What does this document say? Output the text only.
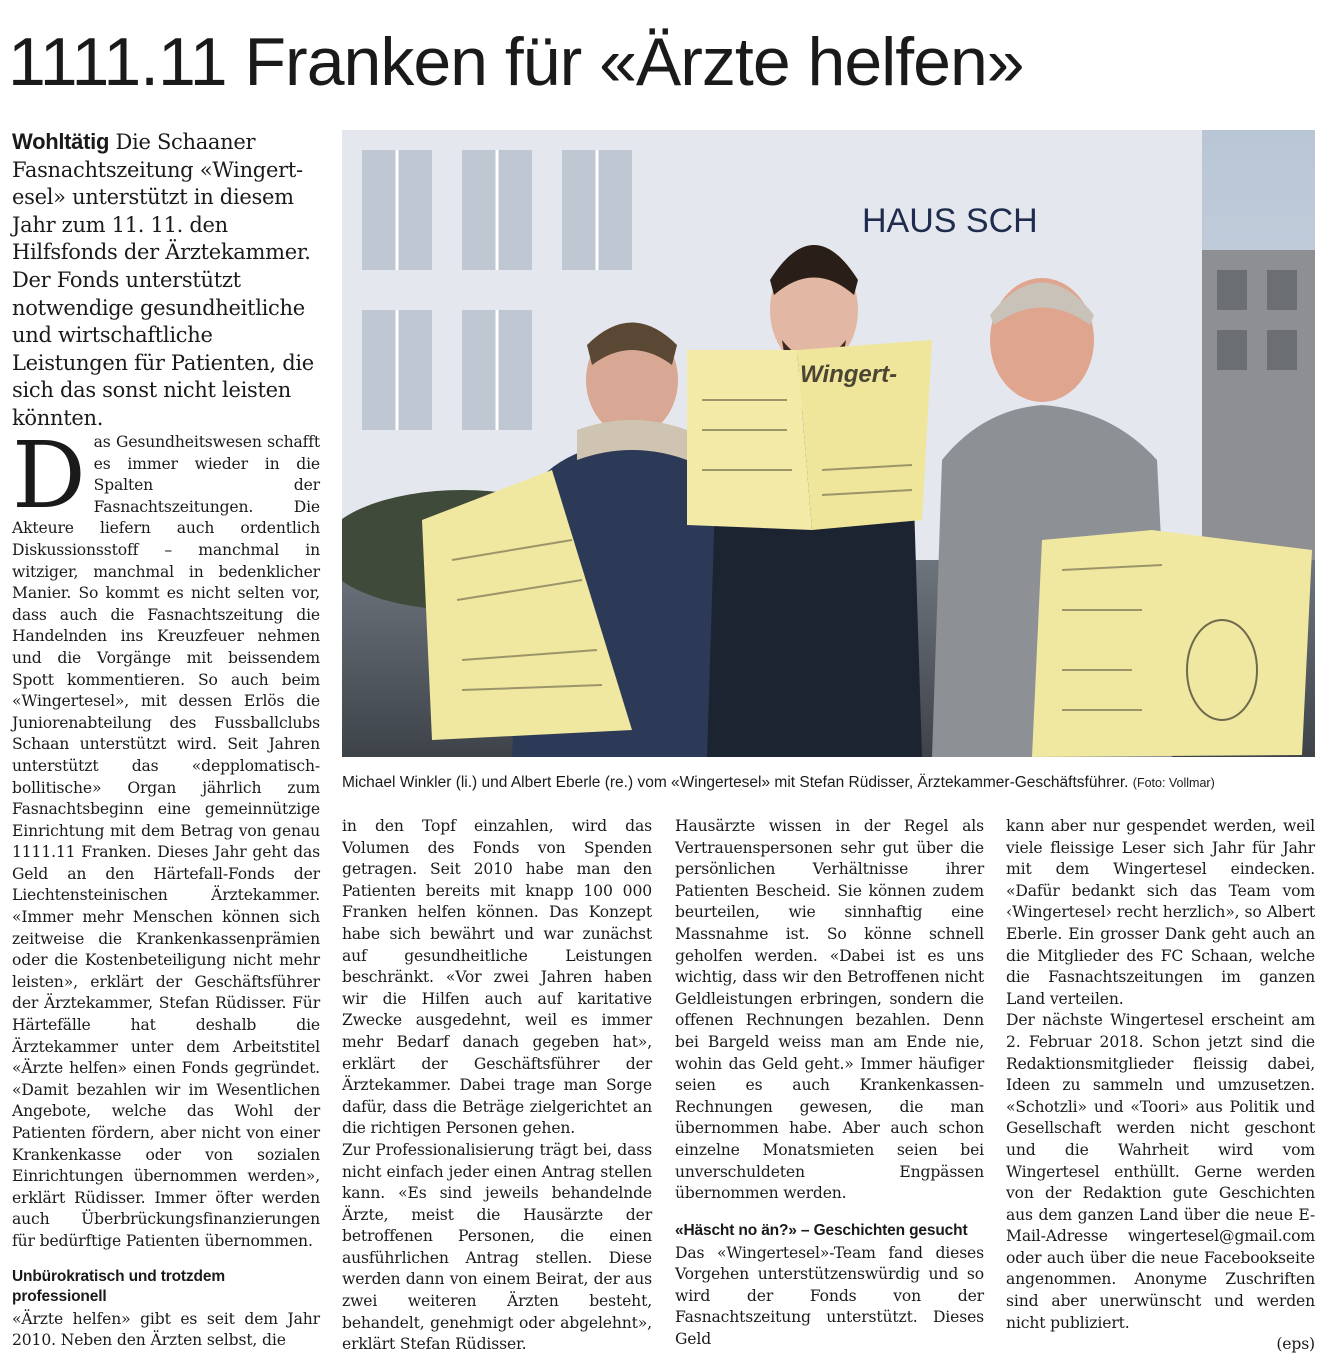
1111.11 Franken für «Ärzte helfen»

Wohltätig Die Schaaner Fasnachtszeitung «Wingert-esel» unterstützt in diesem Jahr zum 11. 11. den Hilfsfonds der Ärztekammer. Der Fonds unterstützt notwendige gesundheitliche und wirtschaftliche Leistungen für Patienten, die sich das sonst nicht leisten könnten.

HAUS SCH
Wingert-

Michael Winkler (li.) und Albert Eberle (re.) vom «Wingertesel» mit Stefan Rüdisser, Ärztekammer-Geschäftsführer. (Foto: Vollmar)

Das Gesundheitswesen schafft es immer wieder in die Spalten der Fasnachtszeitungen. Die Akteure liefern auch ordentlich Diskussionsstoff – manchmal in witziger, manchmal in bedenklicher Manier. So kommt es nicht selten vor, dass auch die Fasnachtszeitung die Handelnden ins Kreuzfeuer nehmen und die Vorgänge mit beissendem Spott kommentieren. So auch beim «Wingertesel», mit dessen Erlös die Juniorenabteilung des Fussballclubs Schaan unterstützt wird. Seit Jahren unterstützt das «depplomatisch-bollitische» Organ jährlich zum Fasnachtsbeginn eine gemeinnützige Einrichtung mit dem Betrag von genau 1111.11 Franken. Dieses Jahr geht das Geld an den Härtefall-Fonds der Liechtensteinischen Ärztekammer. «Immer mehr Menschen können sich zeitweise die Krankenkassenprämien oder die Kostenbeteiligung nicht mehr leisten», erklärt der Geschäftsführer der Ärztekammer, Stefan Rüdisser. Für Härtefälle hat deshalb die Ärztekammer unter dem Arbeitstitel «Ärzte helfen» einen Fonds gegründet. «Damit bezahlen wir im Wesentlichen Angebote, welche das Wohl der Patienten fördern, aber nicht von einer Krankenkasse oder von sozialen Einrichtungen übernommen werden», erklärt Rüdisser. Immer öfter werden auch Überbrückungsfinanzierungen für bedürftige Patienten übernommen.

Unbürokratisch und trotzdem professionell

«Ärzte helfen» gibt es seit dem Jahr 2010. Neben den Ärzten selbst, die

in den Topf einzahlen, wird das Volumen des Fonds von Spenden getragen. Seit 2010 habe man den Patienten bereits mit knapp 100 000 Franken helfen können. Das Konzept habe sich bewährt und war zunächst auf gesundheitliche Leistungen beschränkt. «Vor zwei Jahren haben wir die Hilfen auch auf karitative Zwecke ausgedehnt, weil es immer mehr Bedarf danach gegeben hat», erklärt der Geschäftsführer der Ärztekammer. Dabei trage man Sorge dafür, dass die Beträge zielgerichtet an die richtigen Personen gehen.

Zur Professionalisierung trägt bei, dass nicht einfach jeder einen Antrag stellen kann. «Es sind jeweils behandelnde Ärzte, meist die Hausärzte der betroffenen Personen, die einen ausführlichen Antrag stellen. Diese werden dann von einem Beirat, der aus zwei weiteren Ärzten besteht, behandelt, genehmigt oder abgelehnt», erklärt Stefan Rüdisser.

Hausärzte wissen in der Regel als Vertrauenspersonen sehr gut über die persönlichen Verhältnisse ihrer Patienten Bescheid. Sie können zudem beurteilen, wie sinnhaftig eine Massnahme ist. So könne schnell geholfen werden. «Dabei ist es uns wichtig, dass wir den Betroffenen nicht Geldleistungen erbringen, sondern die offenen Rechnungen bezahlen. Denn bei Bargeld weiss man am Ende nie, wohin das Geld geht.» Immer häufiger seien es auch Krankenkassen-Rechnungen gewesen, die man übernommen habe. Aber auch schon einzelne Monatsmieten seien bei unverschuldeten Engpässen übernommen werden.

«Häscht no än?» – Geschichten gesucht

Das «Wingertesel»-Team fand dieses Vorgehen unterstützenswürdig und so wird der Fonds von der Fasnachtszeitung unterstützt. Dieses Geld

kann aber nur gespendet werden, weil viele fleissige Leser sich Jahr für Jahr mit dem Wingertesel eindecken. «Dafür bedankt sich das Team vom ‹Wingertesel› recht herzlich», so Albert Eberle. Ein grosser Dank geht auch an die Mitglieder des FC Schaan, welche die Fasnachtszeitungen im ganzen Land verteilen.

Der nächste Wingertesel erscheint am 2. Februar 2018. Schon jetzt sind die Redaktionsmitglieder fleissig dabei, Ideen zu sammeln und umzusetzen. «Schotzli» und «Toori» aus Politik und Gesellschaft werden nicht geschont und die Wahrheit wird vom Wingertesel enthüllt. Gerne werden von der Redaktion gute Geschichten aus dem ganzen Land über die neue E-Mail-Adresse wingertesel@gmail.com oder auch über die neue Facebookseite angenommen. Anonyme Zuschriften sind aber unerwünscht und werden nicht publiziert.

(eps)
